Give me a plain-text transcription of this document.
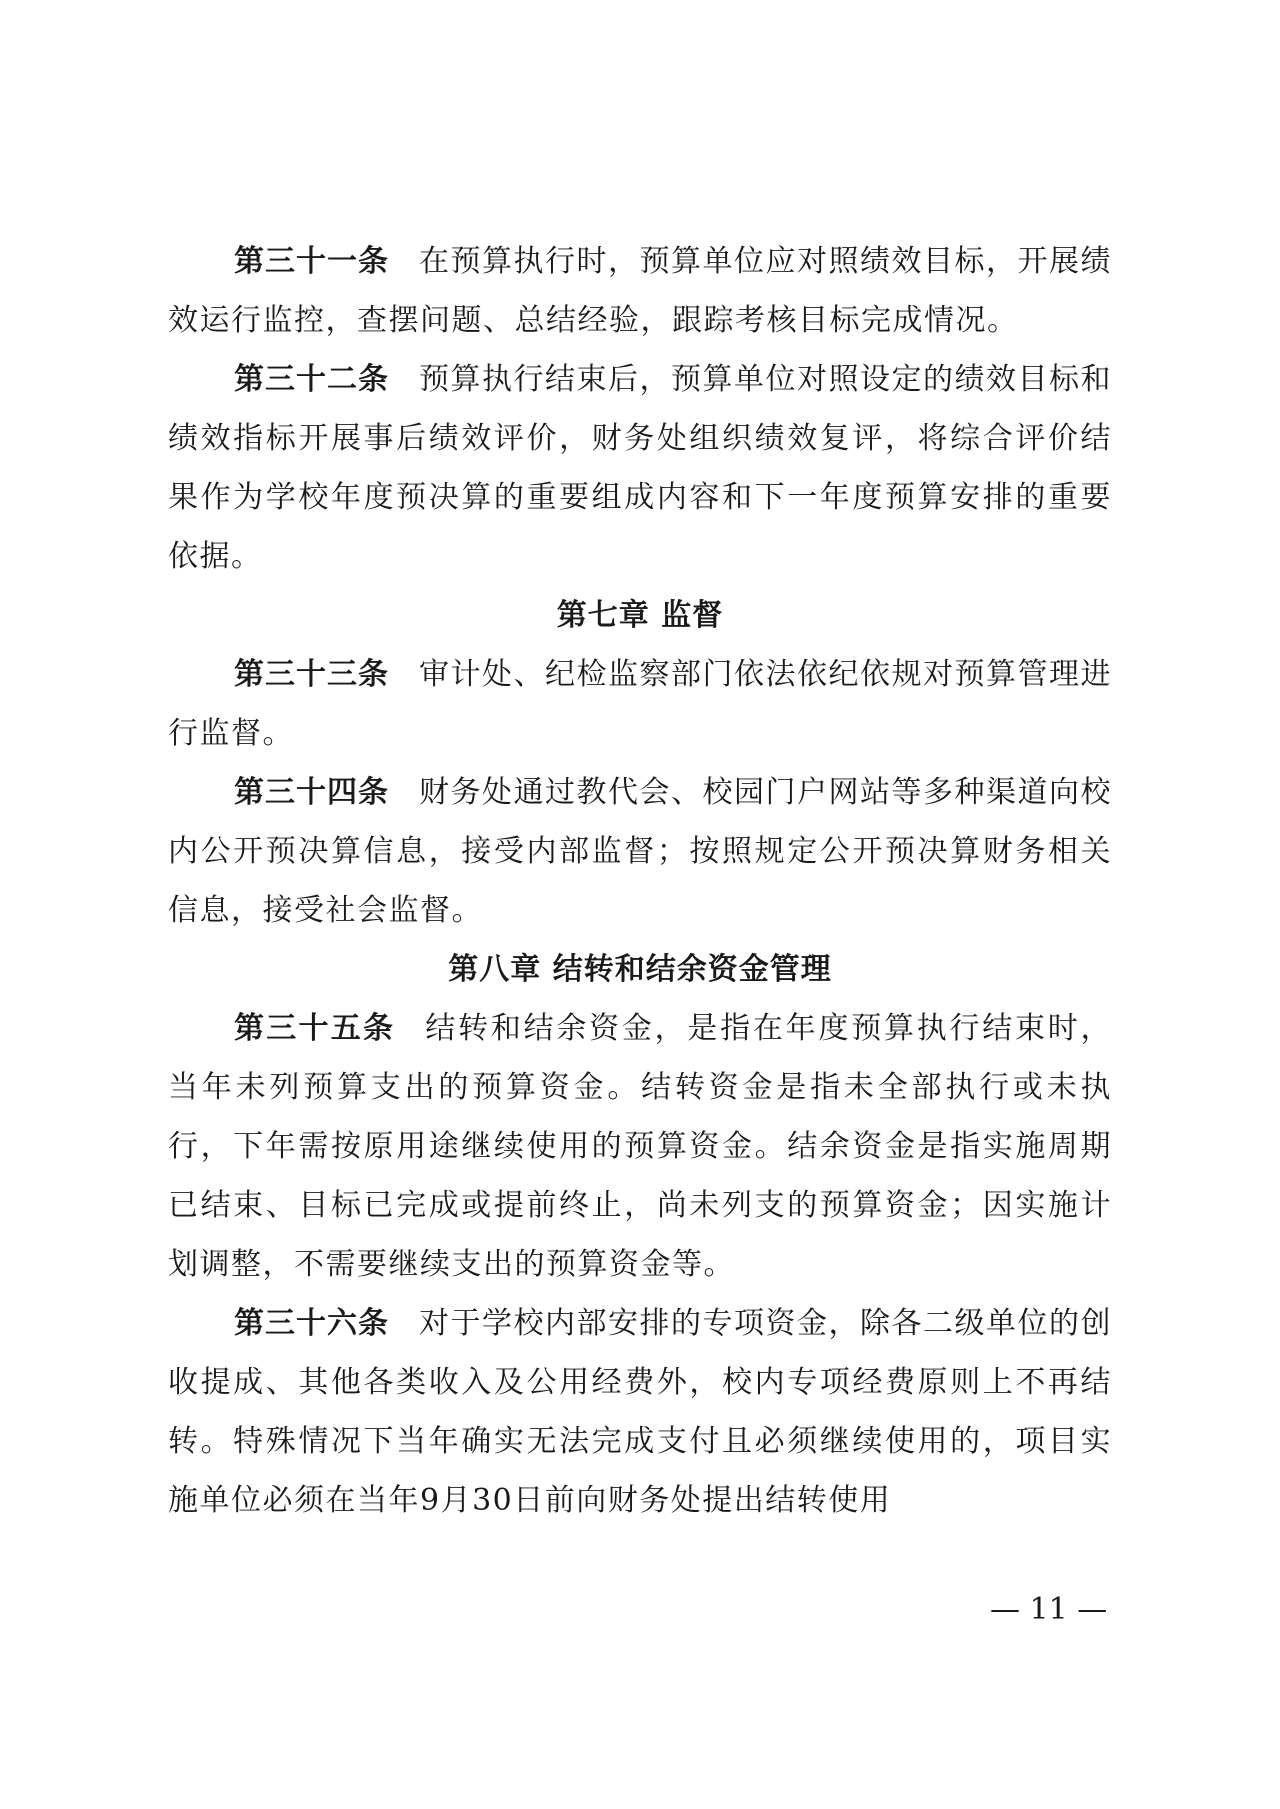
第三十一条 在预算执行时，预算单位应对照绩效目标，开展绩效运行监控，查摆问题、总结经验，跟踪考核目标完成情况。

第三十二条 预算执行结束后，预算单位对照设定的绩效目标和绩效指标开展事后绩效评价，财务处组织绩效复评，将综合评价结果作为学校年度预决算的重要组成内容和下一年度预算安排的重要依据。

第七章 监督

第三十三条 审计处、纪检监察部门依法依纪依规对预算管理进行监督。

第三十四条 财务处通过教代会、校园门户网站等多种渠道向校内公开预决算信息，接受内部监督；按照规定公开预决算财务相关信息，接受社会监督。

第八章 结转和结余资金管理

第三十五条 结转和结余资金，是指在年度预算执行结束时， 当年未列预算支出的预算资金。结转资金是指未全部执行或未执行，下年需按原用途继续使用的预算资金。结余资金是指实施周期已结束、目标已完成或提前终止，尚未列支的预算资金；因实施计划调整，不需要继续支出的预算资金等。

第三十六条 对于学校内部安排的专项资金，除各二级单位的创收提成、其他各类收入及公用经费外，校内专项经费原则上不再结转。特殊情况下当年确实无法完成支付且必须继续使用的，项目实施单位必须在当年9月30日前向财务处提出结转使用

— 11 —
